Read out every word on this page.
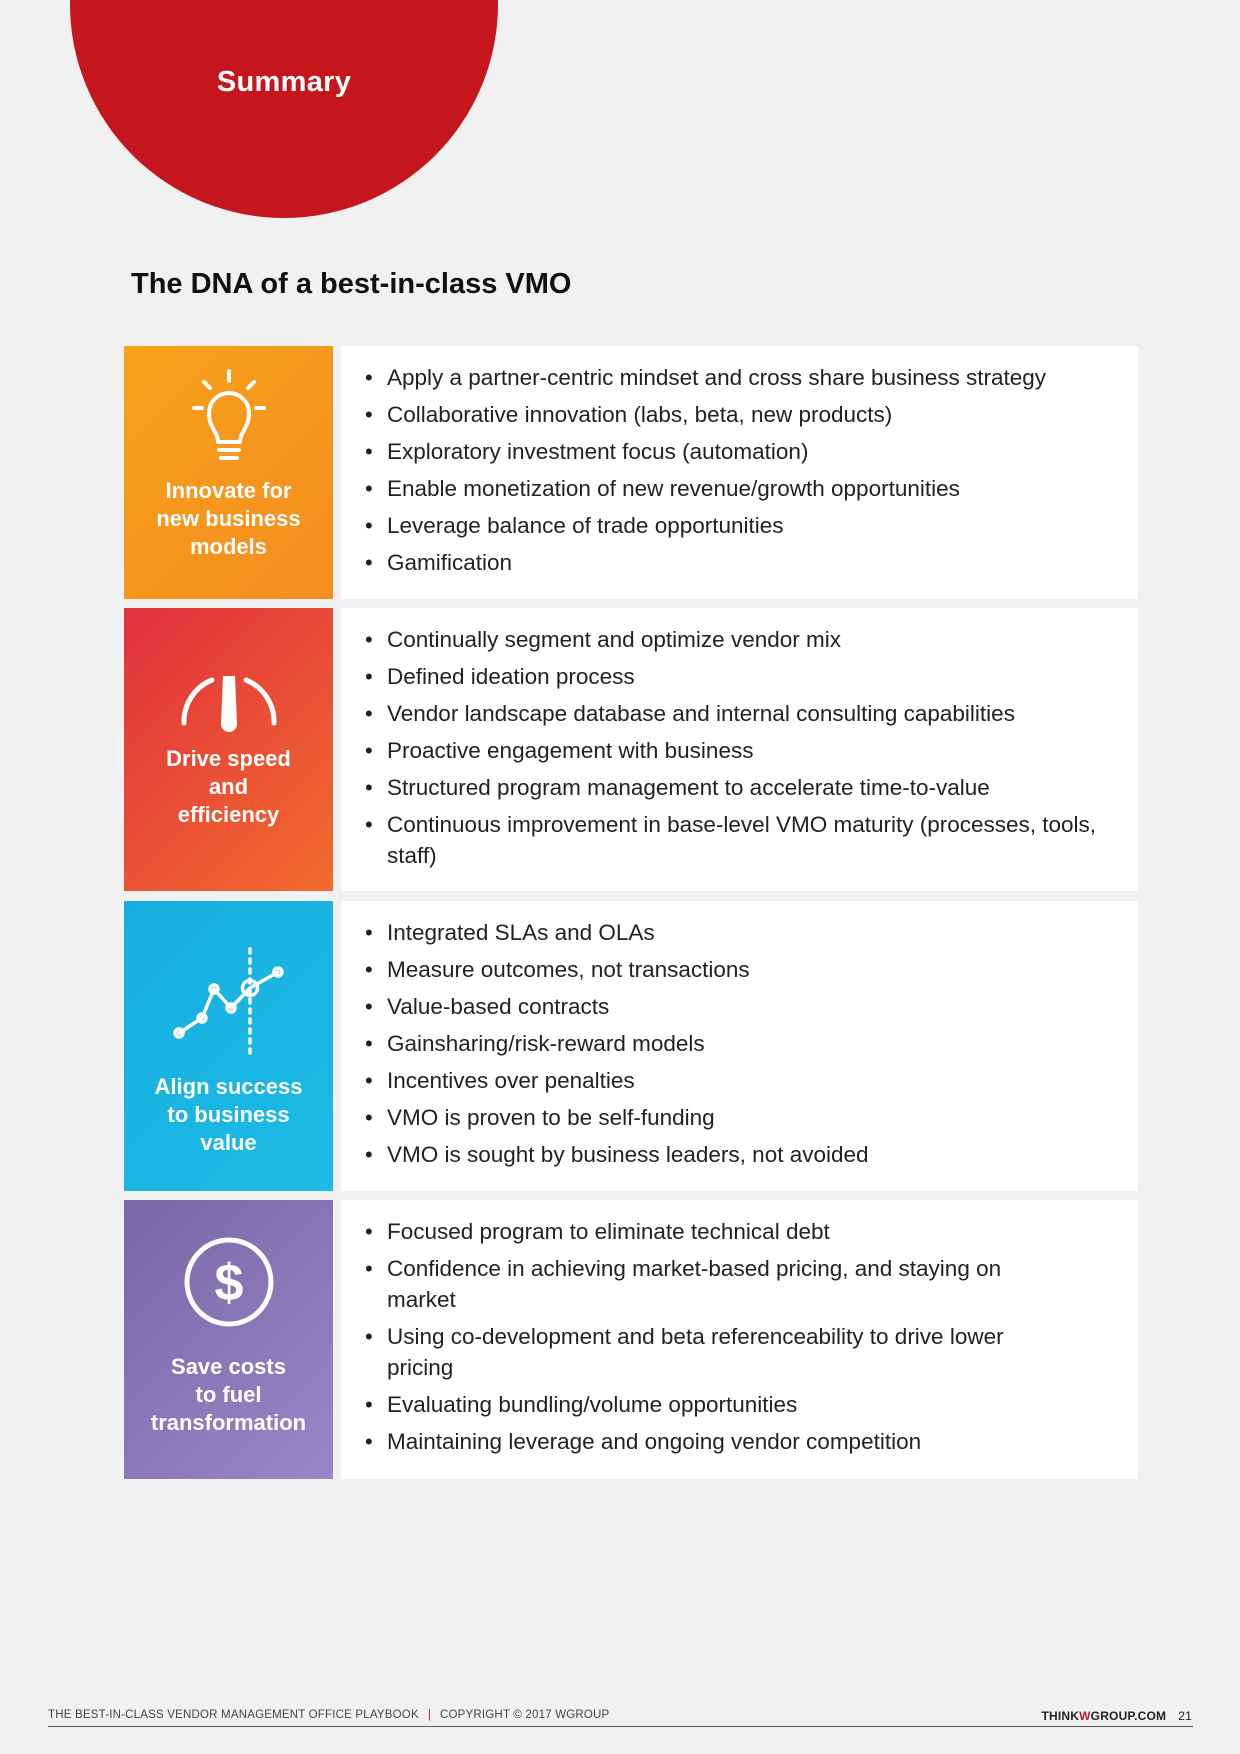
Summary
The DNA of a best-in-class VMO
Innovate for
new business
models
• Apply a partner-centric mindset and cross share business strategy
• Collaborative innovation (labs, beta, new products)
• Exploratory investment focus (automation)
• Enable monetization of new revenue/growth opportunities
• Leverage balance of trade opportunities
• Gamification
Drive speed
and
efficiency
• Continually segment and optimize vendor mix
• Defined ideation process
• Vendor landscape database and internal consulting capabilities
• Proactive engagement with business
• Structured program management to accelerate time-to-value
• Continuous improvement in base-level VMO maturity (processes, tools, staff)
Align success
to business
value
• Integrated SLAs and OLAs
• Measure outcomes, not transactions
• Value-based contracts
• Gainsharing/risk-reward models
• Incentives over penalties
• VMO is proven to be self-funding
• VMO is sought by business leaders, not avoided
$
Save costs
to fuel
transformation
• Focused program to eliminate technical debt
• Confidence in achieving market-based pricing, and staying on market
• Using co-development and beta referenceability to drive lower pricing
• Evaluating bundling/volume opportunities
• Maintaining leverage and ongoing vendor competition
THE BEST-IN-CLASS VENDOR MANAGEMENT OFFICE PLAYBOOK | COPYRIGHT © 2017 WGROUP	THINKWGROUP.COM 21
